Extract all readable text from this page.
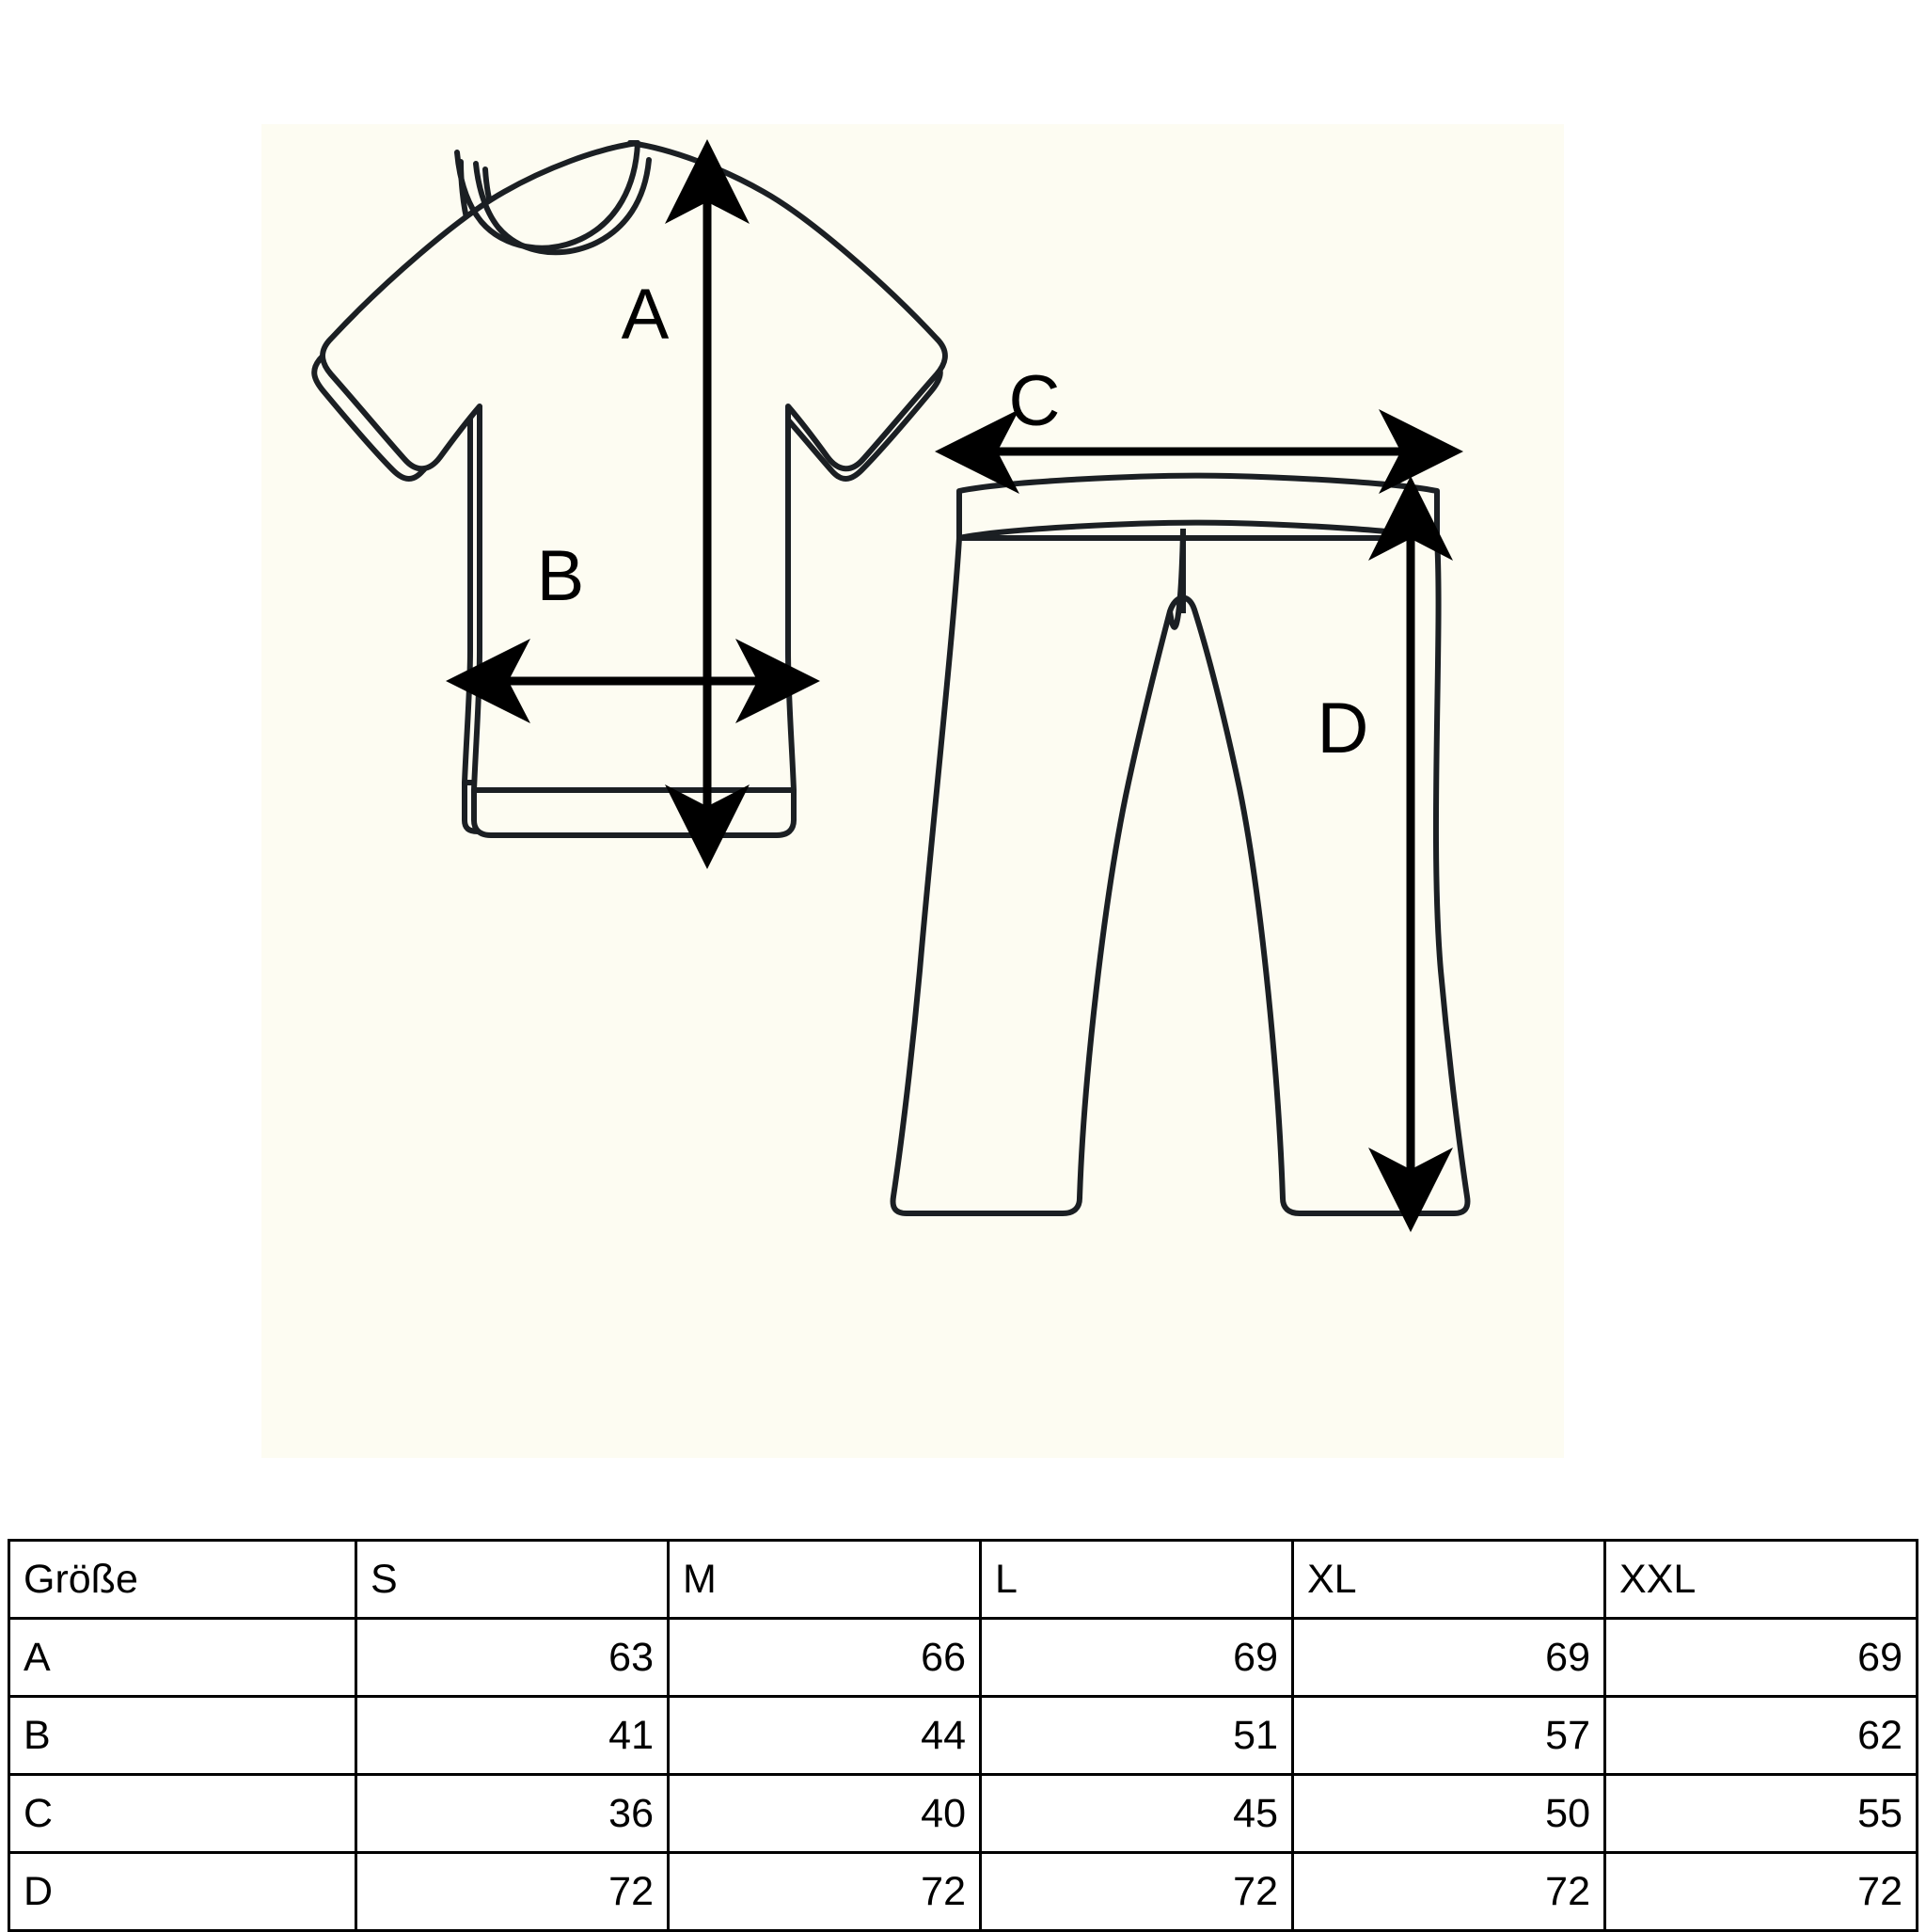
A
B
C
D
Größe	S	M	L	XL	XXL
A	63	66	69	69	69
B	41	44	51	57	62
C	36	40	45	50	55
D	72	72	72	72	72
